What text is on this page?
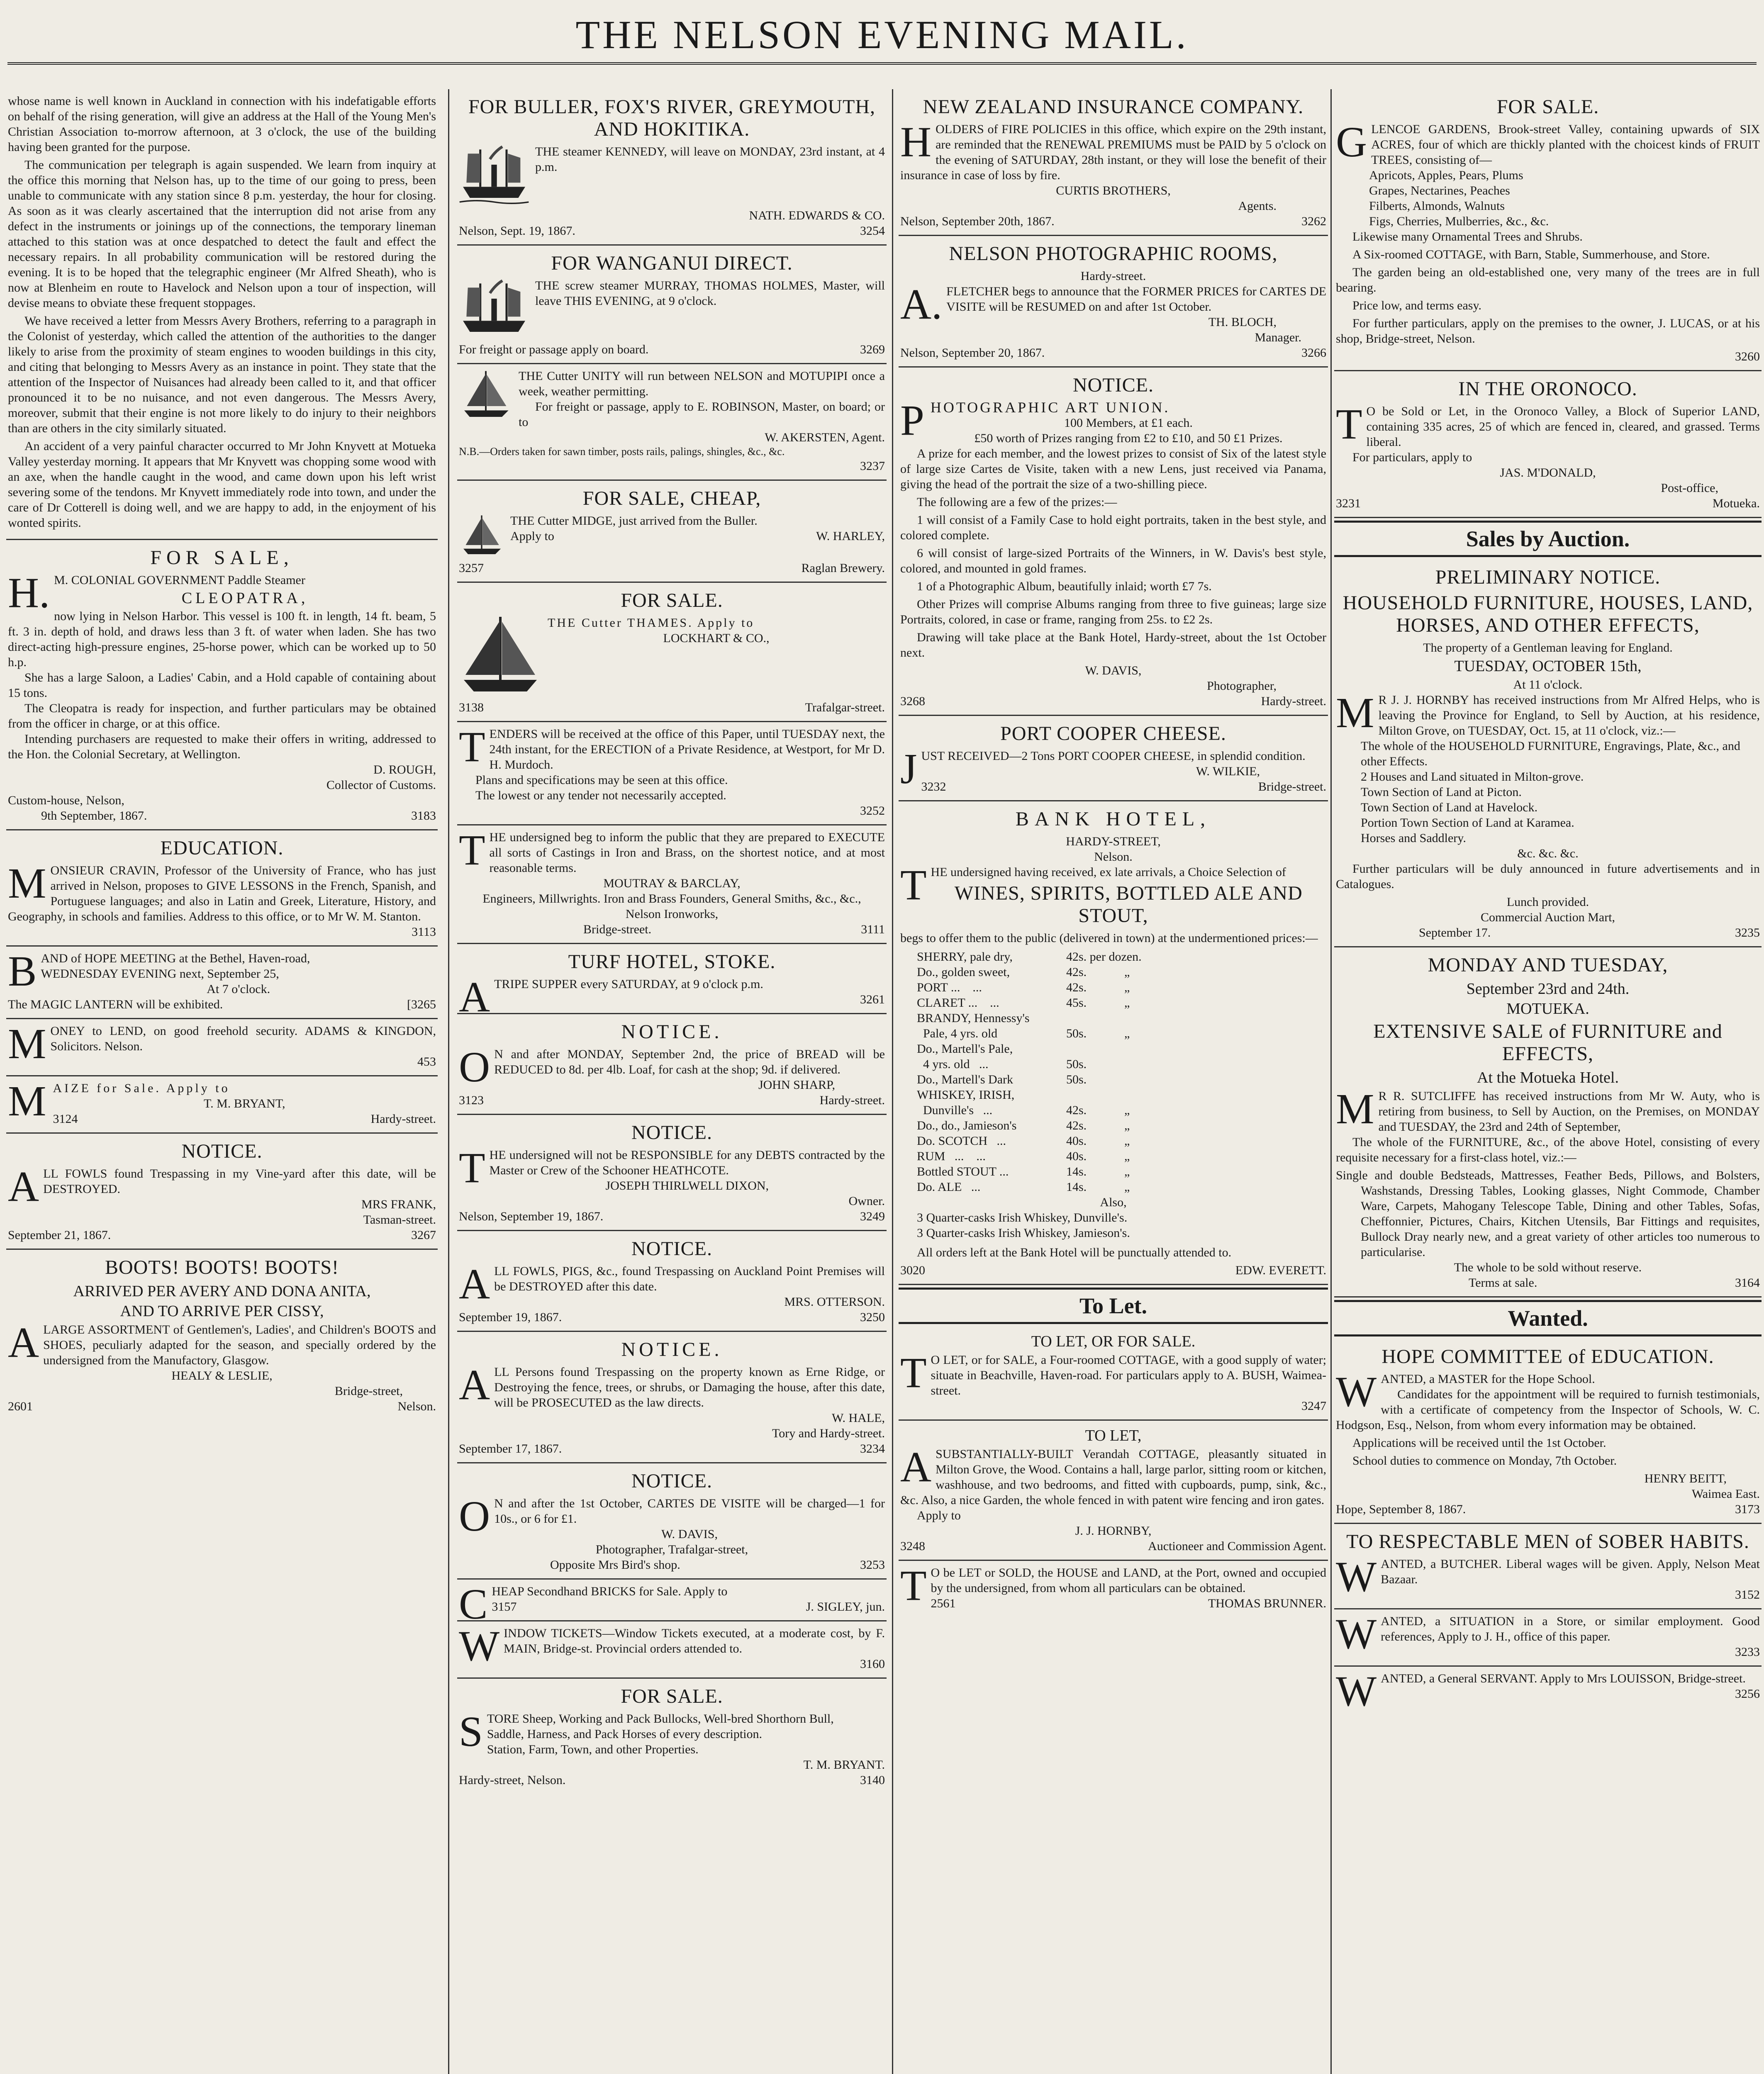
THE NELSON EVENING MAIL.

whose name is well known in Auckland in connection with his indefatigable efforts on behalf of the rising generation, will give an address at the Hall of the Young Men's Christian Association to-morrow afternoon, at 3 o'clock, the use of the building having been granted for the purpose.

The communication per telegraph is again suspended. We learn from inquiry at the office this morning that Nelson has, up to the time of our going to press, been unable to communicate with any station since 8 p.m. yesterday, the hour for closing. As soon as it was clearly ascertained that the interruption did not arise from any defect in the instruments or joinings up of the connections, the temporary lineman attached to this station was at once despatched to detect the fault and effect the necessary repairs. In all probability communication will be restored during the evening. It is to be hoped that the telegraphic engineer (Mr Alfred Sheath), who is now at Blenheim en route to Havelock and Nelson upon a tour of inspection, will devise means to obviate these frequent stoppages.

We have received a letter from Messrs Avery Brothers, referring to a paragraph in the Colonist of yesterday, which called the attention of the authorities to the danger likely to arise from the proximity of steam engines to wooden buildings in this city, and citing that belonging to Messrs Avery as an instance in point. They state that the attention of the Inspector of Nuisances had already been called to it, and that officer pronounced it to be no nuisance, and not even dangerous. The Messrs Avery, moreover, submit that their engine is not more likely to do injury to their neighbors than are others in the city similarly situated.

An accident of a very painful character occurred to Mr John Knyvett at Motueka Valley yesterday morning. It appears that Mr Knyvett was chopping some wood with an axe, when the handle caught in the wood, and came down upon his left wrist severing some of the tendons. Mr Knyvett immediately rode into town, and under the care of Dr Cotterell is doing well, and we are happy to add, in the enjoyment of his wonted spirits.

FOR SALE,

H.M. COLONIAL GOVERNMENT Paddle Steamer

CLEOPATRA,

now lying in Nelson Harbor. This vessel is 100 ft. in length, 14 ft. beam, 5 ft. 3 in. depth of hold, and draws less than 3 ft. of water when laden. She has two direct-acting high-pressure engines, 25-horse power, which can be worked up to 50 h.p.

She has a large Saloon, a Ladies' Cabin, and a Hold capable of containing about 15 tons.

The Cleopatra is ready for inspection, and further particulars may be obtained from the officer in charge, or at this office.

Intending purchasers are requested to make their offers in writing, addressed to the Hon. the Colonial Secretary, at Wellington.

D. ROUGH,

Collector of Customs.

Custom-house, Nelson,

9th September, 1867.	3183
EDUCATION.

MONSIEUR CRAVIN, Professor of the University of France, who has just arrived in Nelson, proposes to GIVE LESSONS in the French, Spanish, and Portuguese languages; and also in Latin and Greek, Literature, History, and Geography, in schools and families. Address to this office, or to Mr W. M. Stanton.

3113

BAND of HOPE MEETING at the Bethel, Haven-road,

WEDNESDAY EVENING next, September 25,

At 7 o'clock.

The MAGIC LANTERN will be exhibited.	[3265

MONEY to LEND, on good freehold security. ADAMS & KINGDON, Solicitors. Nelson.

453

MAIZE for Sale. Apply to

T. M. BRYANT,

3124	Hardy-street.
NOTICE.

ALL FOWLS found Trespassing in my Vine-yard after this date, will be DESTROYED.

MRS FRANK,

Tasman-street.

September 21, 1867.	3267
BOOTS! BOOTS! BOOTS!
ARRIVED PER AVERY AND DONA ANITA,
AND TO ARRIVE PER CISSY,

ALARGE ASSORTMENT of Gentlemen's, Ladies', and Children's BOOTS and SHOES, peculiarly adapted for the season, and specially ordered by the undersigned from the Manufactory, Glasgow.

HEALY & LESLIE,

Bridge-street,

2601	Nelson.
FOR BULLER, FOX'S RIVER, GREYMOUTH, AND HOKITIKA.

THE steamer KENNEDY, will leave on MONDAY, 23rd instant, at 4 p.m.

NATH. EDWARDS & CO.

Nelson, Sept. 19, 1867.	3254
FOR WANGANUI DIRECT.

THE screw steamer MURRAY, THOMAS HOLMES, Master, will leave THIS EVENING, at 9 o'clock.

For freight or passage apply on board.	3269

THE Cutter UNITY will run between NELSON and MOTUPIPI once a week, weather permitting.

For freight or passage, apply to E. ROBINSON, Master, on board; or to

W. AKERSTEN, Agent.

N.B.—Orders taken for sawn timber, posts rails, palings, shingles, &c., &c.

3237

FOR SALE, CHEAP,

THE Cutter MIDGE, just arrived from the Buller.

Apply to	W. HARLEY,
3257	Raglan Brewery.
FOR SALE.

THE Cutter THAMES. Apply to

LOCKHART & CO.,

3138	Trafalgar-street.

TENDERS will be received at the office of this Paper, until TUESDAY next, the 24th instant, for the ERECTION of a Private Residence, at Westport, for Mr D. H. Murdoch.

Plans and specifications may be seen at this office.

The lowest or any tender not necessarily accepted.

3252

THE undersigned beg to inform the public that they are prepared to EXECUTE all sorts of Castings in Iron and Brass, on the shortest notice, and at most reasonable terms.

MOUTRAY & BARCLAY,

Engineers, Millwrights. Iron and Brass Founders, General Smiths, &c., &c.,

Nelson Ironworks,

Bridge-street.	3111
TURF HOTEL, STOKE.

ATRIPE SUPPER every SATURDAY, at 9 o'clock p.m.

3261

NOTICE.

ON and after MONDAY, September 2nd, the price of BREAD will be REDUCED to 8d. per 4lb. Loaf, for cash at the shop; 9d. if delivered.

JOHN SHARP,

3123	Hardy-street.
NOTICE.

THE undersigned will not be RESPONSIBLE for any DEBTS contracted by the Master or Crew of the Schooner HEATHCOTE.

JOSEPH THIRLWELL DIXON,

Owner.

Nelson, September 19, 1867.	3249
NOTICE.

ALL FOWLS, PIGS, &c., found Trespassing on Auckland Point Premises will be DESTROYED after this date.

MRS. OTTERSON.

September 19, 1867.	3250
NOTICE.

ALL Persons found Trespassing on the property known as Erne Ridge, or Destroying the fence, trees, or shrubs, or Damaging the house, after this date, will be PROSECUTED as the law directs.

W. HALE,

Tory and Hardy-street.

September 17, 1867.	3234
NOTICE.

ON and after the 1st October, CARTES DE VISITE will be charged—1 for 10s., or 6 for £1.

W. DAVIS,

Photographer, Trafalgar-street,

Opposite Mrs Bird's shop.	3253

CHEAP Secondhand BRICKS for Sale. Apply to

3157	J. SIGLEY, jun.

WINDOW TICKETS—Window Tickets executed, at a moderate cost, by F. MAIN, Bridge-st. Provincial orders attended to.

3160

FOR SALE.

STORE Sheep, Working and Pack Bullocks, Well-bred Shorthorn Bull,

Saddle, Harness, and Pack Horses of every description.

Station, Farm, Town, and other Properties.

T. M. BRYANT.

Hardy-street, Nelson.	3140
NEW ZEALAND INSURANCE COMPANY.

HOLDERS of FIRE POLICIES in this office, which expire on the 29th instant, are reminded that the RENEWAL PREMIUMS must be PAID by 5 o'clock on the evening of SATURDAY, 28th instant, or they will lose the benefit of their insurance in case of loss by fire.

CURTIS BROTHERS,

Agents.

Nelson, September 20th, 1867.	3262
NELSON PHOTOGRAPHIC ROOMS,

Hardy-street.

A.FLETCHER begs to announce that the FORMER PRICES for CARTES DE VISITE will be RESUMED on and after 1st October.

TH. BLOCH,

Manager.

Nelson, September 20, 1867.	3266
NOTICE.

PHOTOGRAPHIC ART UNION.

100 Members, at £1 each.

£50 worth of Prizes ranging from £2 to £10, and 50 £1 Prizes.

A prize for each member, and the lowest prizes to consist of Six of the latest style of large size Cartes de Visite, taken with a new Lens, just received via Panama, giving the head of the portrait the size of a two-shilling piece.

The following are a few of the prizes:—

1 will consist of a Family Case to hold eight portraits, taken in the best style, and colored complete.

6 will consist of large-sized Portraits of the Winners, in W. Davis's best style, colored, and mounted in gold frames.

1 of a Photographic Album, beautifully inlaid; worth £7 7s.

Other Prizes will comprise Albums ranging from three to five guineas; large size Portraits, colored, in case or frame, ranging from 25s. to £2 2s.

Drawing will take place at the Bank Hotel, Hardy-street, about the 1st October next.

W. DAVIS,

Photographer,

3268	Hardy-street.
PORT COOPER CHEESE.

JUST RECEIVED—2 Tons PORT COOPER CHEESE, in splendid condition.

W. WILKIE,

3232	Bridge-street.
BANK HOTEL,

HARDY-STREET,

Nelson.

THE undersigned having received, ex late arrivals, a Choice Selection of

WINES, SPIRITS, BOTTLED ALE AND STOUT,

begs to offer them to the public (delivered in town) at the undermentioned prices:—

SHERRY, pale dry,	42s. per dozen.
Do., golden sweet,	42s.	„
PORT ...    ...	42s.	„
CLARET ...    ...	45s.	„
BRANDY, Hennessy's
Pale, 4 yrs. old	50s.	„
Do., Martell's Pale,
4 yrs. old   ...	50s.
Do., Martell's Dark	50s.
WHISKEY, IRISH,
Dunville's   ...	42s.	„
Do., do., Jamieson's	42s.	„
Do. SCOTCH   ...	40s.	„
RUM   ...    ...	40s.	„
Bottled STOUT ...	14s.	„
Do. ALE   ...	14s.	„

Also,

3 Quarter-casks Irish Whiskey, Dunville's.

3 Quarter-casks Irish Whiskey, Jamieson's.

All orders left at the Bank Hotel will be punctually attended to.

3020	EDW. EVERETT.
To Let.
TO LET, OR FOR SALE.

TO LET, or for SALE, a Four-roomed COTTAGE, with a good supply of water; situate in Beachville, Haven-road. For particulars apply to A. BUSH, Waimea-street.

3247

TO LET,

ASUBSTANTIALLY-BUILT Verandah COTTAGE, pleasantly situated in Milton Grove, the Wood. Contains a hall, large parlor, sitting room or kitchen, washhouse, and two bedrooms, and fitted with cupboards, pump, sink, &c., &c. Also, a nice Garden, the whole fenced in with patent wire fencing and iron gates.

Apply to

J. J. HORNBY,

3248	Auctioneer and Commission Agent.

TO be LET or SOLD, the HOUSE and LAND, at the Port, owned and occupied by the undersigned, from whom all particulars can be obtained.

2561	THOMAS BRUNNER.
FOR SALE.

GLENCOE GARDENS, Brook-street Valley, containing upwards of SIX ACRES, four of which are thickly planted with the choicest kinds of FRUIT TREES, consisting of—

Apricots, Apples, Pears, Plums

Grapes, Nectarines, Peaches

Filberts, Almonds, Walnuts

Figs, Cherries, Mulberries, &c., &c.

Likewise many Ornamental Trees and Shrubs.

A Six-roomed COTTAGE, with Barn, Stable, Summerhouse, and Store.

The garden being an old-established one, very many of the trees are in full bearing.

Price low, and terms easy.

For further particulars, apply on the premises to the owner, J. LUCAS, or at his shop, Bridge-street, Nelson.

3260

IN THE ORONOCO.

TO be Sold or Let, in the Oronoco Valley, a Block of Superior LAND, containing 335 acres, 25 of which are fenced in, cleared, and grassed. Terms liberal.

For particulars, apply to

JAS. M'DONALD,

Post-office,

3231	Motueka.
Sales by Auction.
PRELIMINARY NOTICE.
HOUSEHOLD FURNITURE, HOUSES, LAND, HORSES, AND OTHER EFFECTS,

The property of a Gentleman leaving for England.

TUESDAY, OCTOBER 15th,

At 11 o'clock.

MR J. J. HORNBY has received instructions from Mr Alfred Helps, who is leaving the Province for England, to Sell by Auction, at his residence, Milton Grove, on TUESDAY, Oct. 15, at 11 o'clock, viz.:—

The whole of the HOUSEHOLD FURNITURE, Engravings, Plate, &c., and other Effects.

2 Houses and Land situated in Milton-grove.

Town Section of Land at Picton.

Town Section of Land at Havelock.

Portion Town Section of Land at Karamea.

Horses and Saddlery.

&c. &c. &c.

Further particulars will be duly announced in future advertisements and in Catalogues.

Lunch provided.

Commercial Auction Mart,

September 17.	3235
MONDAY AND TUESDAY,
September 23rd and 24th.
MOTUEKA.
EXTENSIVE SALE of FURNITURE and EFFECTS,
At the Motueka Hotel.

MR R. SUTCLIFFE has received instructions from Mr W. Auty, who is retiring from business, to Sell by Auction, on the Premises, on MONDAY and TUESDAY, the 23rd and 24th of September,

The whole of the FURNITURE, &c., of the above Hotel, consisting of every requisite necessary for a first-class hotel, viz.:—

Single and double Bedsteads, Mattresses, Feather Beds, Pillows, and Bolsters, Washstands, Dressing Tables, Looking glasses, Night Commode, Chamber Ware, Carpets, Mahogany Telescope Table, Dining and other Tables, Sofas, Cheffonnier, Pictures, Chairs, Kitchen Utensils, Bar Fittings and requisites, Bullock Dray nearly new, and a great variety of other articles too numerous to particularise.

The whole to be sold without reserve.

Terms at sale.	3164
Wanted.
HOPE COMMITTEE of EDUCATION.

WANTED, a MASTER for the Hope School.

Candidates for the appointment will be required to furnish testimonials, with a certificate of competency from the Inspector of Schools, W. C. Hodgson, Esq., Nelson, from whom every information may be obtained.

Applications will be received until the 1st October.

School duties to commence on Monday, 7th October.

HENRY BEITT,

Waimea East.

Hope, September 8, 1867.	3173
TO RESPECTABLE MEN of SOBER HABITS.

WANTED, a BUTCHER. Liberal wages will be given. Apply, Nelson Meat Bazaar.

3152

WANTED, a SITUATION in a Store, or similar employment. Good references, Apply to J. H., office of this paper.

3233

WANTED, a General SERVANT. Apply to Mrs LOUISSON, Bridge-street.

3256
